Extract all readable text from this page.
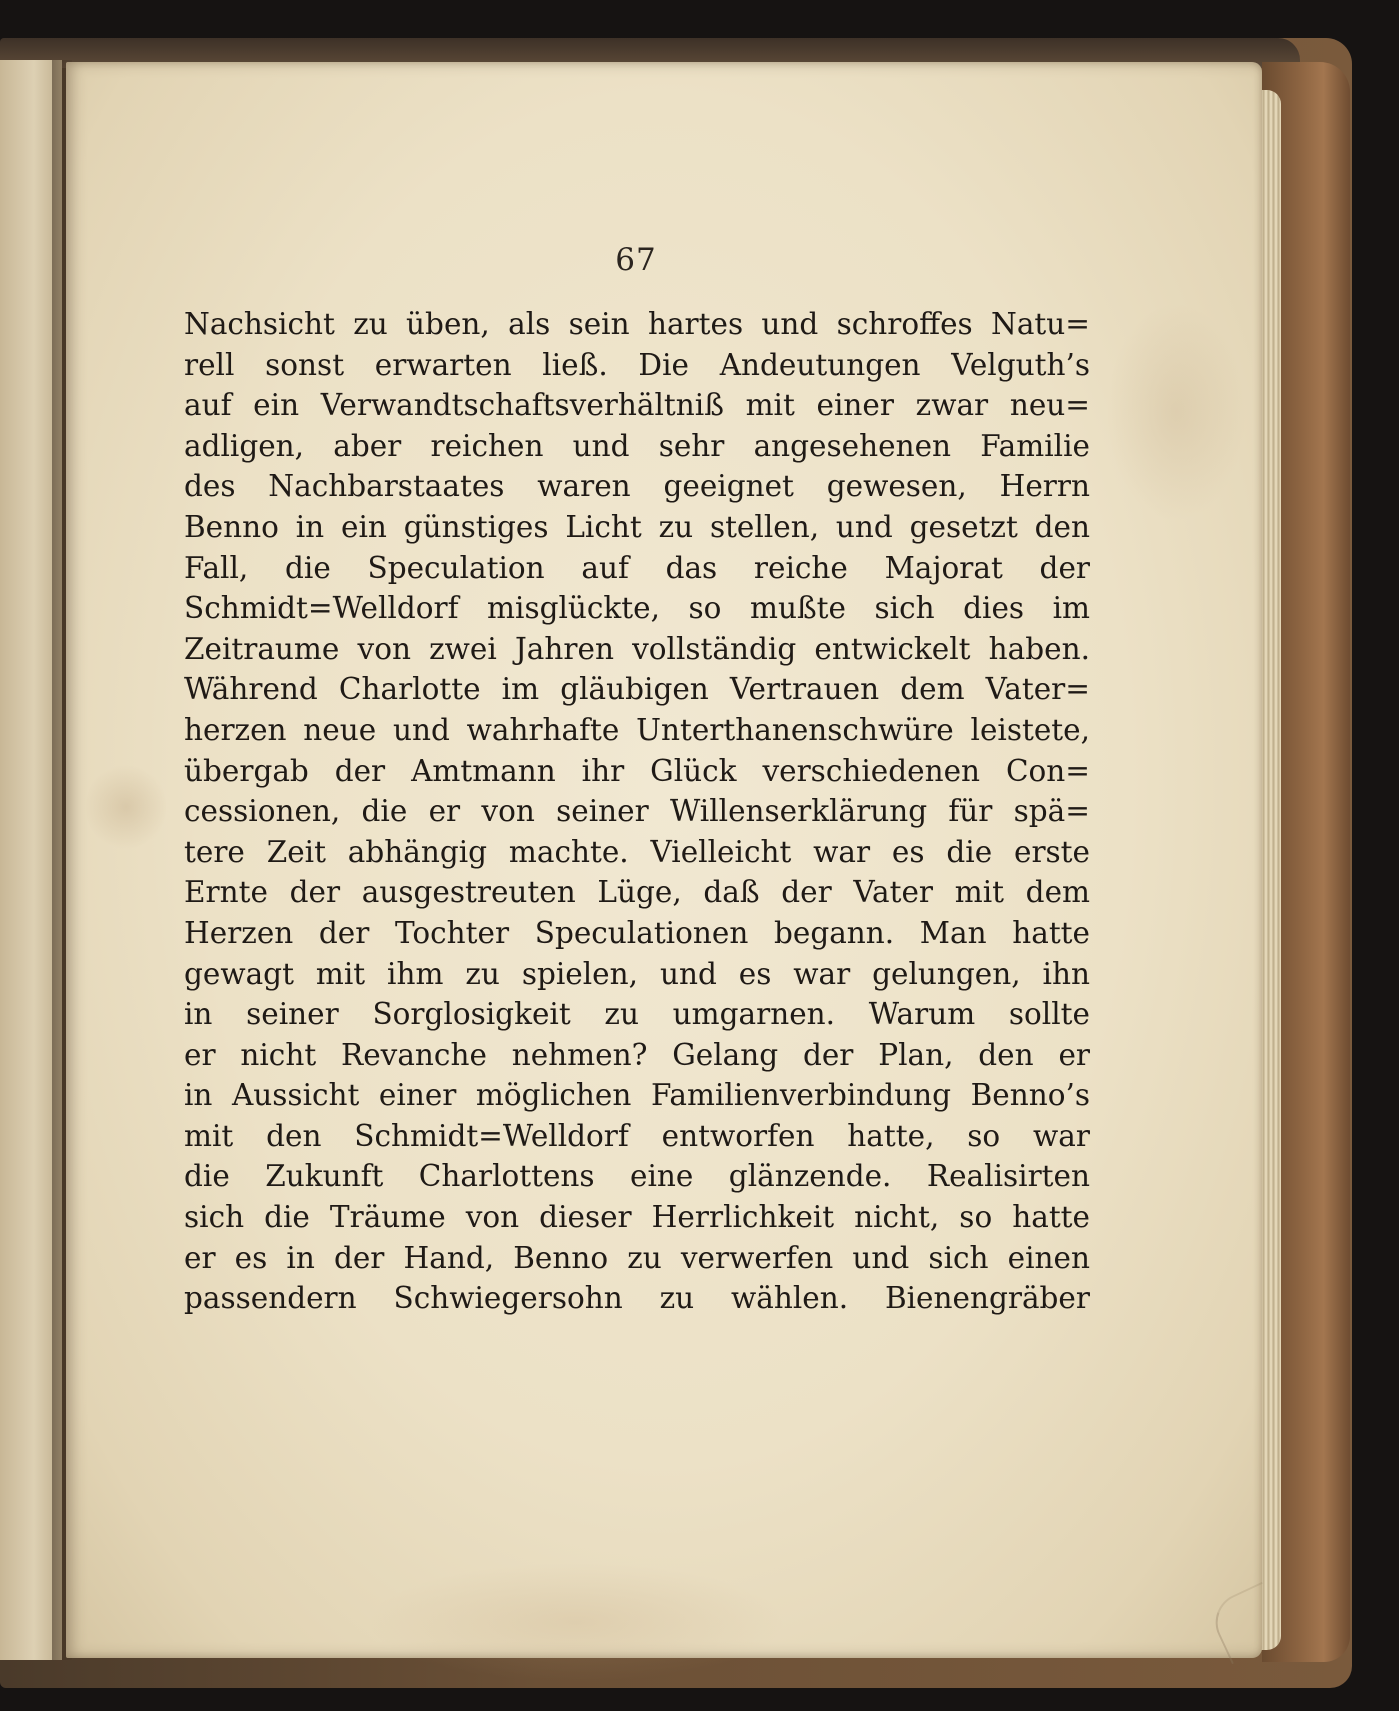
67
Nachsicht zu üben, als sein hartes und schroffes Natu=
rell sonst erwarten ließ. Die Andeutungen Velguth’s
auf ein Verwandtschaftsverhältniß mit einer zwar neu=
adligen, aber reichen und sehr angesehenen Familie
des Nachbarstaates waren geeignet gewesen, Herrn
Benno in ein günstiges Licht zu stellen, und gesetzt den
Fall, die Speculation auf das reiche Majorat der
Schmidt=Welldorf misglückte, so mußte sich dies im
Zeitraume von zwei Jahren vollständig entwickelt haben.
Während Charlotte im gläubigen Vertrauen dem Vater=
herzen neue und wahrhafte Unterthanenschwüre leistete,
übergab der Amtmann ihr Glück verschiedenen Con=
cessionen, die er von seiner Willenserklärung für spä=
tere Zeit abhängig machte. Vielleicht war es die erste
Ernte der ausgestreuten Lüge, daß der Vater mit dem
Herzen der Tochter Speculationen begann. Man hatte
gewagt mit ihm zu spielen, und es war gelungen, ihn
in seiner Sorglosigkeit zu umgarnen. Warum sollte
er nicht Revanche nehmen? Gelang der Plan, den er
in Aussicht einer möglichen Familienverbindung Benno’s
mit den Schmidt=Welldorf entworfen hatte, so war
die Zukunft Charlottens eine glänzende. Realisirten
sich die Träume von dieser Herrlichkeit nicht, so hatte
er es in der Hand, Benno zu verwerfen und sich einen
passendern Schwiegersohn zu wählen. Bienengräber
